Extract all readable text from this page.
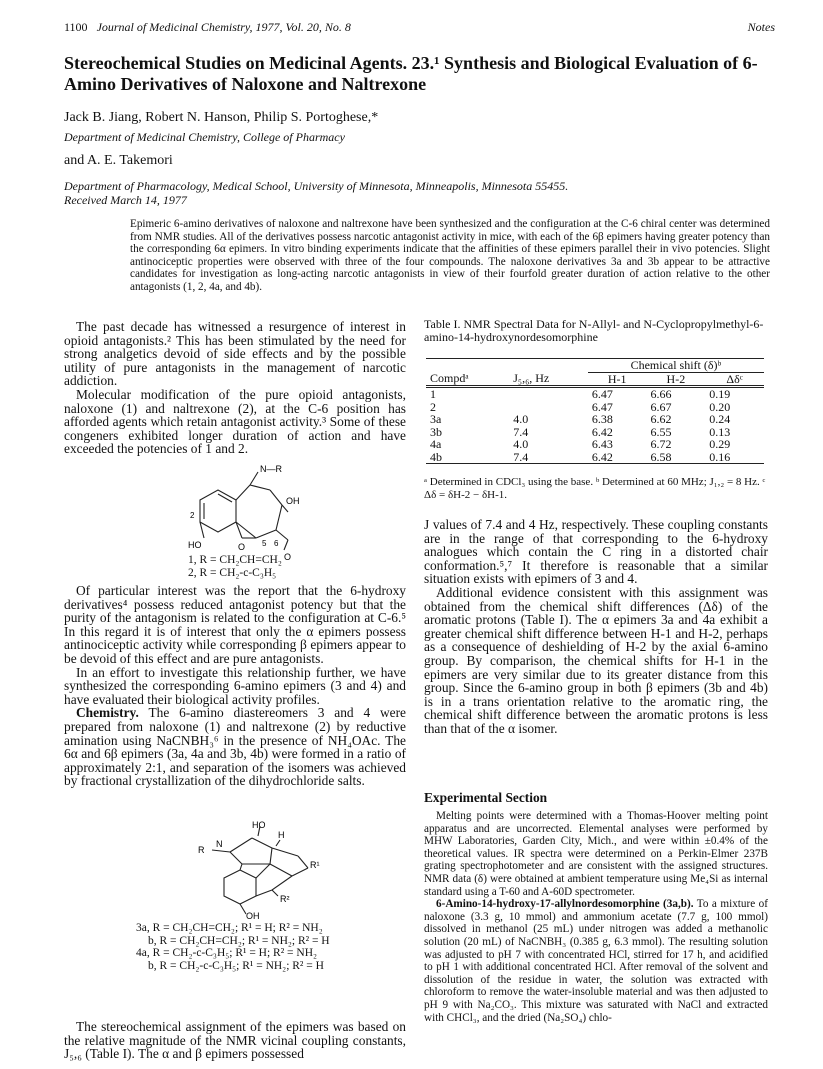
1100 Journal of Medicinal Chemistry, 1977, Vol. 20, No. 8	Notes
Stereochemical Studies on Medicinal Agents. 23.¹ Synthesis and Biological Evaluation of 6-Amino Derivatives of Naloxone and Naltrexone
Jack B. Jiang, Robert N. Hanson, Philip S. Portoghese,*
Department of Medicinal Chemistry, College of Pharmacy
and A. E. Takemori
Department of Pharmacology, Medical School, University of Minnesota, Minneapolis, Minnesota 55455.
Received March 14, 1977
Epimeric 6-amino derivatives of naloxone and naltrexone have been synthesized and the configuration at the C-6 chiral center was determined from NMR studies. All of the derivatives possess narcotic antagonist activity in mice, with each of the 6β epimers having greater potency than the corresponding 6α epimers. In vitro binding experiments indicate that the affinities of these epimers parallel their in vivo potencies. Slight antinociceptic properties were observed with three of the four compounds. The naloxone derivatives 3a and 3b appear to be attractive candidates for investigation as long-acting narcotic antagonists in view of their fourfold greater duration of action relative to the other antagonists (1, 2, 4a, and 4b).

The past decade has witnessed a resurgence of interest in opioid antagonists.² This has been stimulated by the need for strong analgetics devoid of side effects and by the possible utility of pure antagonists in the management of narcotic addiction.

Molecular modification of the pure opioid antagonists, naloxone (1) and naltrexone (2), at the C-6 position has afforded agents which retain antagonist activity.³ Some of these congeners exhibited longer duration of action and have exceeded the potencies of 1 and 2.

N—R
OH
2
HO	O 5 6
O
1, R = CH₂CH=CH₂
2, R = CH₂-c-C₃H₅

Of particular interest was the report that the 6-hydroxy derivatives⁴ possess reduced antagonist potency but that the purity of the antagonism is related to the configuration at C-6.⁵ In this regard it is of interest that only the α epimers possess antinociceptic activity while corresponding β epimers appear to be devoid of this effect and are pure antagonists.

In an effort to investigate this relationship further, we have synthesized the corresponding 6-amino epimers (3 and 4) and have evaluated their biological activity profiles.

Chemistry. The 6-amino diastereomers 3 and 4 were prepared from naloxone (1) and naltrexone (2) by reductive amination using NaCNBH₃⁶ in the presence of NH₄OAc. The 6α and 6β epimers (3a, 4a and 3b, 4b) were formed in a ratio of approximately 2:1, and separation of the isomers was achieved by fractional crystallization of the dihydrochloride salts.

HO
H
R
N
R¹
R²
OH
3a, R = CH₂CH=CH₂; R¹ = H; R² = NH₂
b, R = CH₂CH=CH₂; R¹ = NH₂; R² = H
4a, R = CH₂-c-C₃H₅; R¹ = H; R² = NH₂
b, R = CH₂-c-C₃H₅; R¹ = NH₂; R² = H

The stereochemical assignment of the epimers was based on the relative magnitude of the NMR vicinal coupling constants, J₅,₆ (Table I). The α and β epimers possessed

Table I. NMR Spectral Data for N-Allyl- and N-Cyclopropylmethyl-6-amino-14-hydroxynordesomorphine
		Chemical shift (δ)ᵇ		
Compdᵃ	J₅,₆, Hz	H-1	H-2	Δδᶜ
1		6.47	6.66	0.19
2		6.47	6.67	0.20
3a	4.0	6.38	6.62	0.24
3b	7.4	6.42	6.55	0.13
4a	4.0	6.43	6.72	0.29
4b	7.4	6.42	6.58	0.16
ᵃ Determined in CDCl₃ using the base. ᵇ Determined at 60 MHz; J₁,₂ = 8 Hz. ᶜ Δδ = δH-2 − δH-1.

J values of 7.4 and 4 Hz, respectively. These coupling constants are in the range of that corresponding to the 6-hydroxy analogues which contain the C ring in a distorted chair conformation.⁵,⁷ It therefore is reasonable that a similar situation exists with epimers of 3 and 4.

Additional evidence consistent with this assignment was obtained from the chemical shift differences (Δδ) of the aromatic protons (Table I). The α epimers 3a and 4a exhibit a greater chemical shift difference between H-1 and H-2, perhaps as a consequence of deshielding of H-2 by the axial 6-amino group. By comparison, the chemical shifts for H-1 in the epimers are very similar due to its greater distance from this group. Since the 6-amino group in both β epimers (3b and 4b) is in a trans orientation relative to the aromatic ring, the chemical shift difference between the aromatic protons is less than that of the α isomer.

Experimental Section

Melting points were determined with a Thomas-Hoover melting point apparatus and are uncorrected. Elemental analyses were performed by MHW Laboratories, Garden City, Mich., and were within ±0.4% of the theoretical values. IR spectra were determined on a Perkin-Elmer 237B grating spectrophotometer and are consistent with the assigned structures. NMR data (δ) were obtained at ambient temperature using Me₄Si as internal standard using a T-60 and A-60D spectrometer.

6-Amino-14-hydroxy-17-allylnordesomorphine (3a,b). To a mixture of naloxone (3.3 g, 10 mmol) and ammonium acetate (7.7 g, 100 mmol) dissolved in methanol (25 mL) under nitrogen was added a methanolic solution (20 mL) of NaCNBH₃ (0.385 g, 6.3 mmol). The resulting solution was adjusted to pH 7 with concentrated HCl, stirred for 17 h, and acidified to pH 1 with additional concentrated HCl. After removal of the solvent and dissolution of the residue in water, the solution was extracted with chloroform to remove the water-insoluble material and was then adjusted to pH 9 with Na₂CO₃. This mixture was saturated with NaCl and extracted with CHCl₃, and the dried (Na₂SO₄) chlo-
